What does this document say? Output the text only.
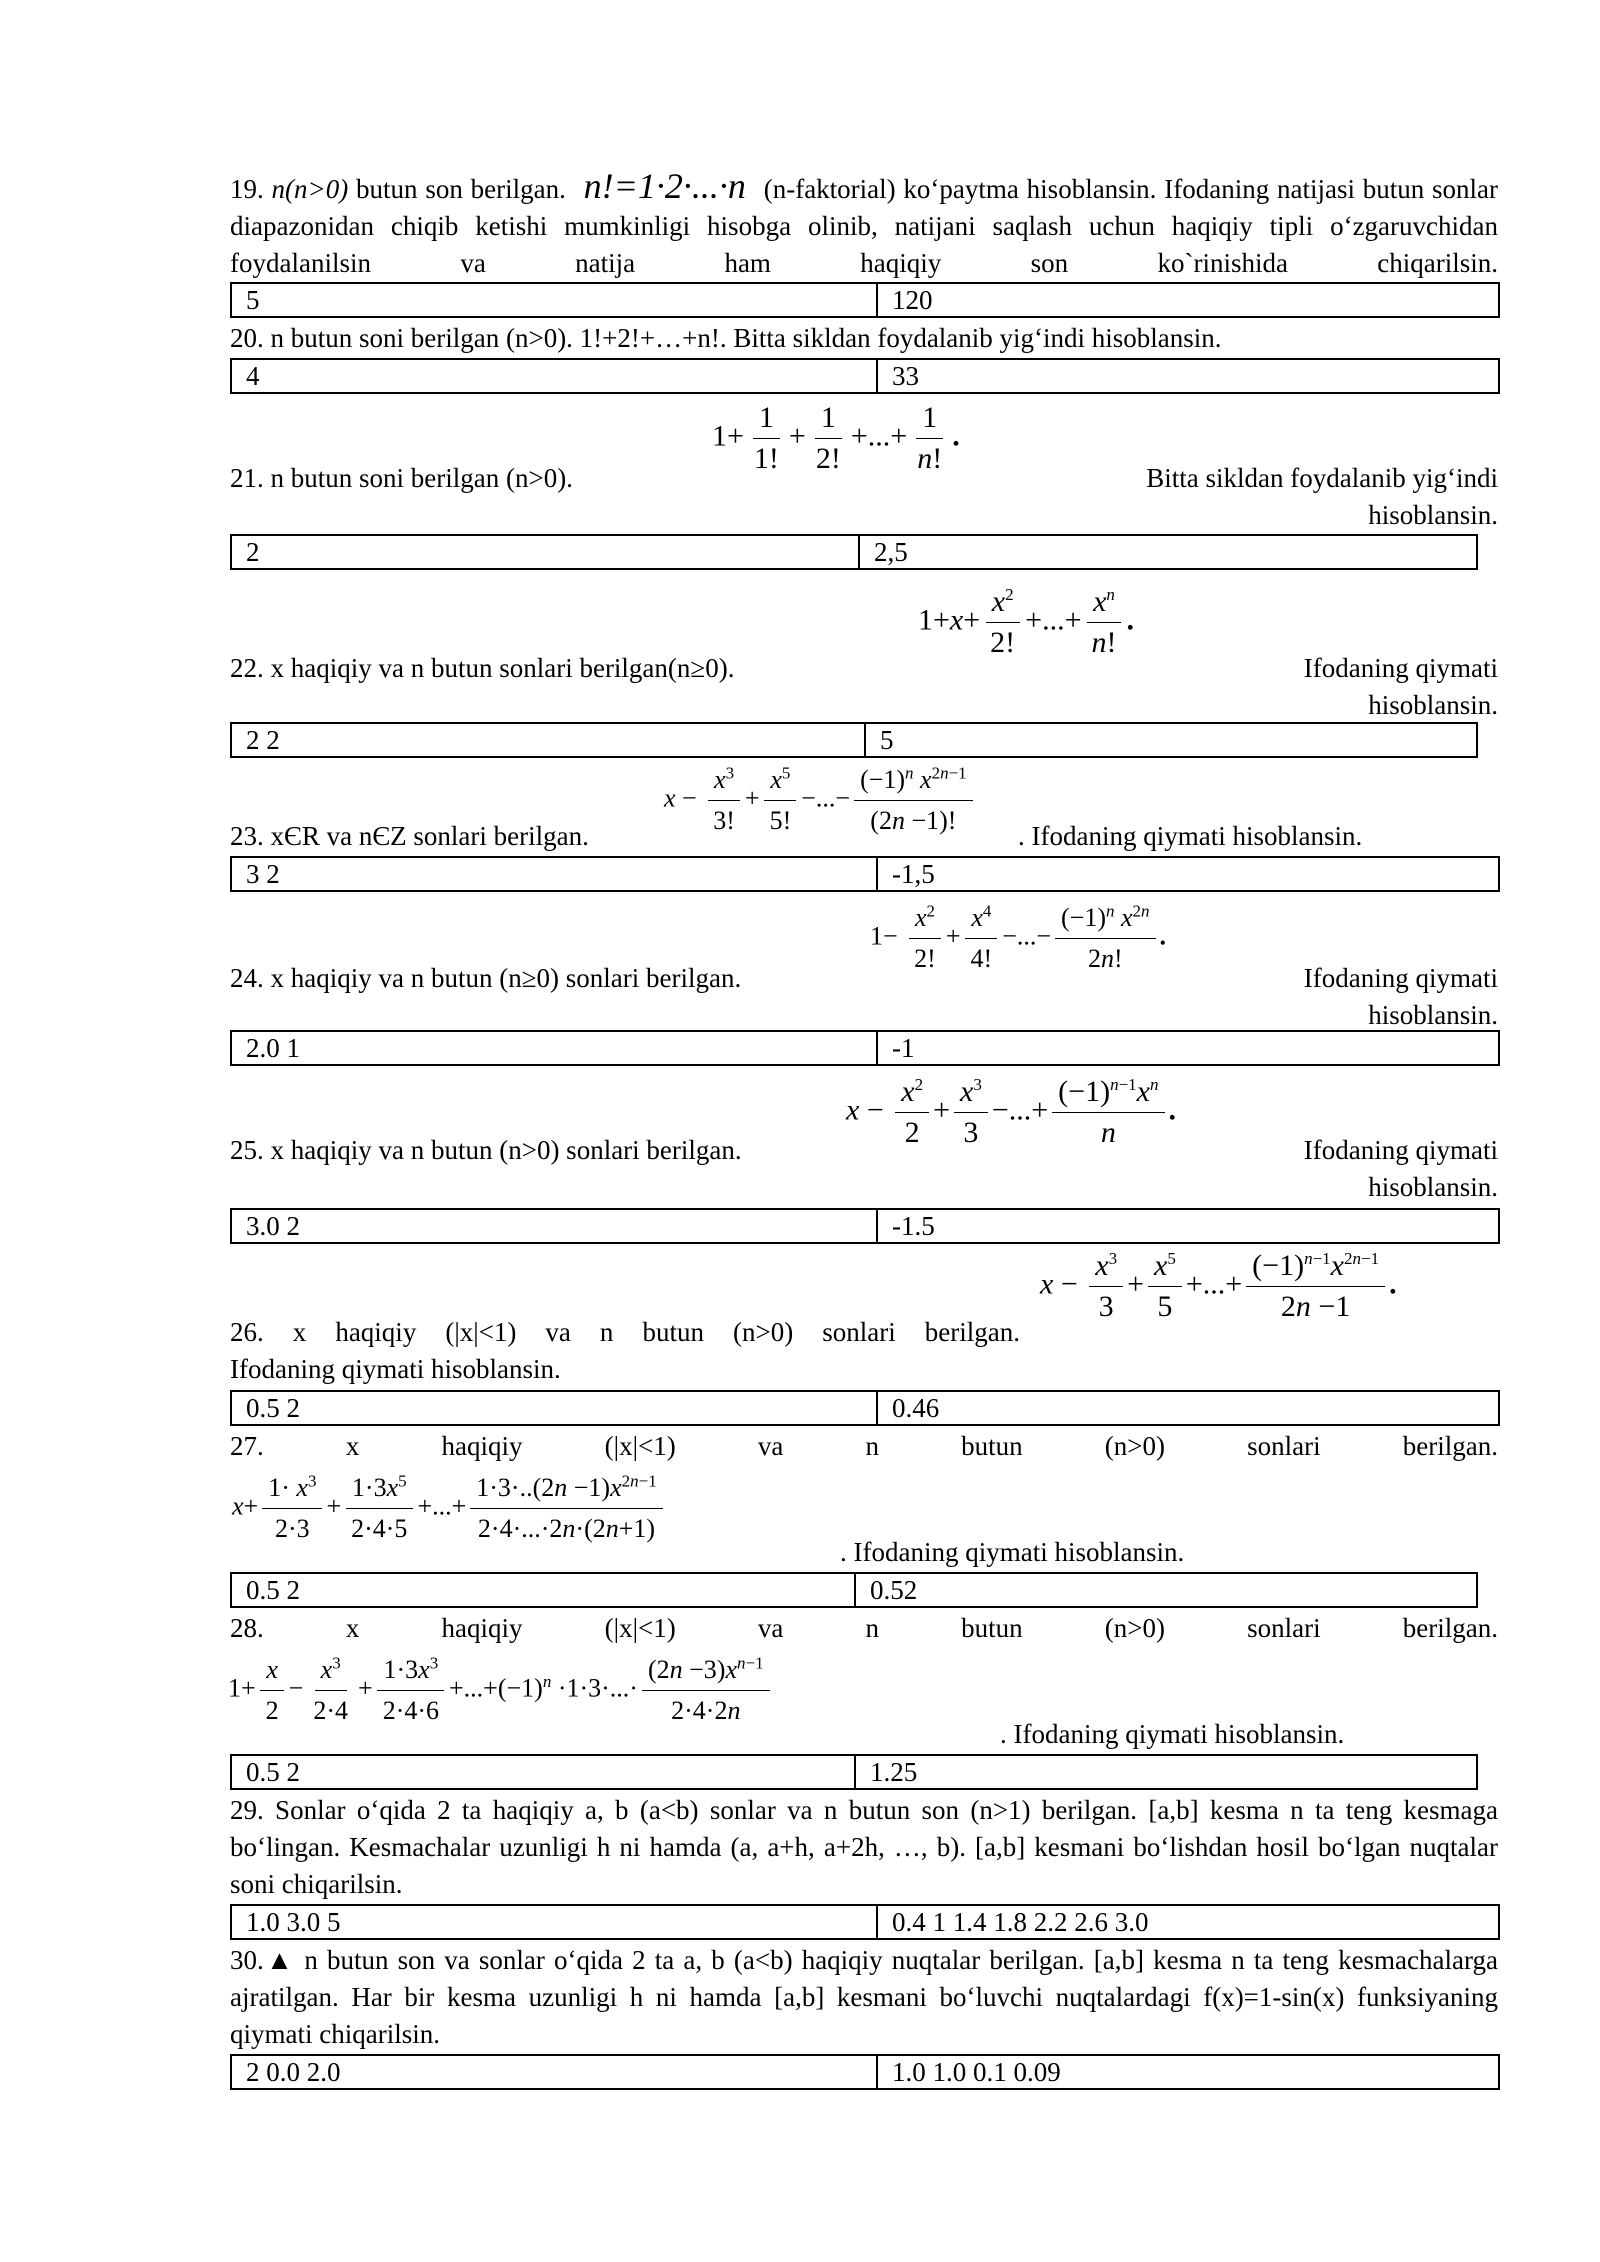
19. n(n>0) butun son berilgan. n!=1·2·...·n (n-faktorial) ko‘paytma hisoblansin. Ifodaning natijasi butun sonlar diapazonidan chiqib ketishi mumkinligi hisobga olinib, natijani saqlash uchun haqiqiy tipli o‘zgaruvchidan foydalanilsin va natija ham haqiqiy son ko`rinishida chiqarilsin.
5	120
20. n butun soni berilgan (n>0). 1!+2!+…+n!. Bitta sikldan foydalanib yig‘indi hisoblansin.
4	33
$1+ \frac{1}{1!} + \frac{1}{2!}$ +...+ $\frac{1}{n!}$ .
21. n butun soni berilgan (n>0).	Bitta sikldan foydalanib yig‘indi hisoblansin.
2	2,5
$1+x+ \frac{x^2}{2!}$ +...+ $\frac{x^n}{n!}$ .
22. x haqiqiy va n butun sonlari berilgan(n≥0).	Ifodaning qiymati hisoblansin.
2 2	5
$x - \frac{x^3}{3!} + \frac{x^5}{5!}$ −...− $\frac{(-1)^n x^{2n-1}}{(2n -1)!}$
23. xЄR va nЄZ sonlari berilgan.	. Ifodaning qiymati hisoblansin.
3 2	-1,5
$1- \frac{x^2}{2!} + \frac{x^4}{4!}$ −...− $\frac{(-1)^n x^{2n}}{2n!}$ .
24. x haqiqiy va n butun (n≥0) sonlari berilgan.	Ifodaning qiymati hisoblansin.
2.0 1	-1
$x - \frac{x^2}{2} + \frac{x^3}{3}$ −...+ $\frac{(-1)^{n-1}x^n}{n}$ .
25. x haqiqiy va n butun (n>0) sonlari berilgan.	Ifodaning qiymati hisoblansin.
3.0 2	-1.5
$x - \frac{x^3}{3} + \frac{x^5}{5}$ +...+ $\frac{(-1)^{n-1}x^{2n-1}}{2n -1}$ .
26. x haqiqiy (|x|<1) va n butun (n>0) sonlari berilgan.
Ifodaning qiymati hisoblansin.
0.5 2	0.46
27. x haqiqiy (|x|<1) va n butun (n>0) sonlari berilgan.
$x+ \frac{1\cdot x^3}{2\cdot 3} + \frac{1\cdot 3x^5}{2\cdot 4\cdot 5}$ +...+ $\frac{1\cdot 3\cdot..(2n -1)x^{2n-1}}{2\cdot 4\cdot...\cdot 2n\cdot(2n+1)}$
. Ifodaning qiymati hisoblansin.
0.5 2	0.52
28. x haqiqiy (|x|<1) va n butun (n>0) sonlari berilgan.
$1+ \frac{x}{2} - \frac{x^3}{2\cdot 4} + \frac{1\cdot 3x^3}{2\cdot 4\cdot 6} +...+(-1)^n \cdot 1\cdot 3\cdot...\cdot \frac{(2n -3)x^{n-1}}{2\cdot 4\cdot 2n}$
. Ifodaning qiymati hisoblansin.
0.5 2	1.25
29. Sonlar o‘qida 2 ta haqiqiy a, b (a<b) sonlar va n butun son (n>1) berilgan. [a,b] kesma n ta teng kesmaga bo‘lingan. Kesmachalar uzunligi h ni hamda (a, a+h, a+2h, …, b). [a,b] kesmani bo‘lishdan hosil bo‘lgan nuqtalar soni chiqarilsin.
1.0 3.0 5	0.4 1 1.4 1.8 2.2 2.6 3.0
30.▲ n butun son va sonlar o‘qida 2 ta a, b (a<b) haqiqiy nuqtalar berilgan. [a,b] kesma n ta teng kesmachalarga ajratilgan. Har bir kesma uzunligi h ni hamda [a,b] kesmani bo‘luvchi nuqtalardagi f(x)=1-sin(x) funksiyaning qiymati chiqarilsin.
2 0.0 2.0	1.0 1.0 0.1 0.09
